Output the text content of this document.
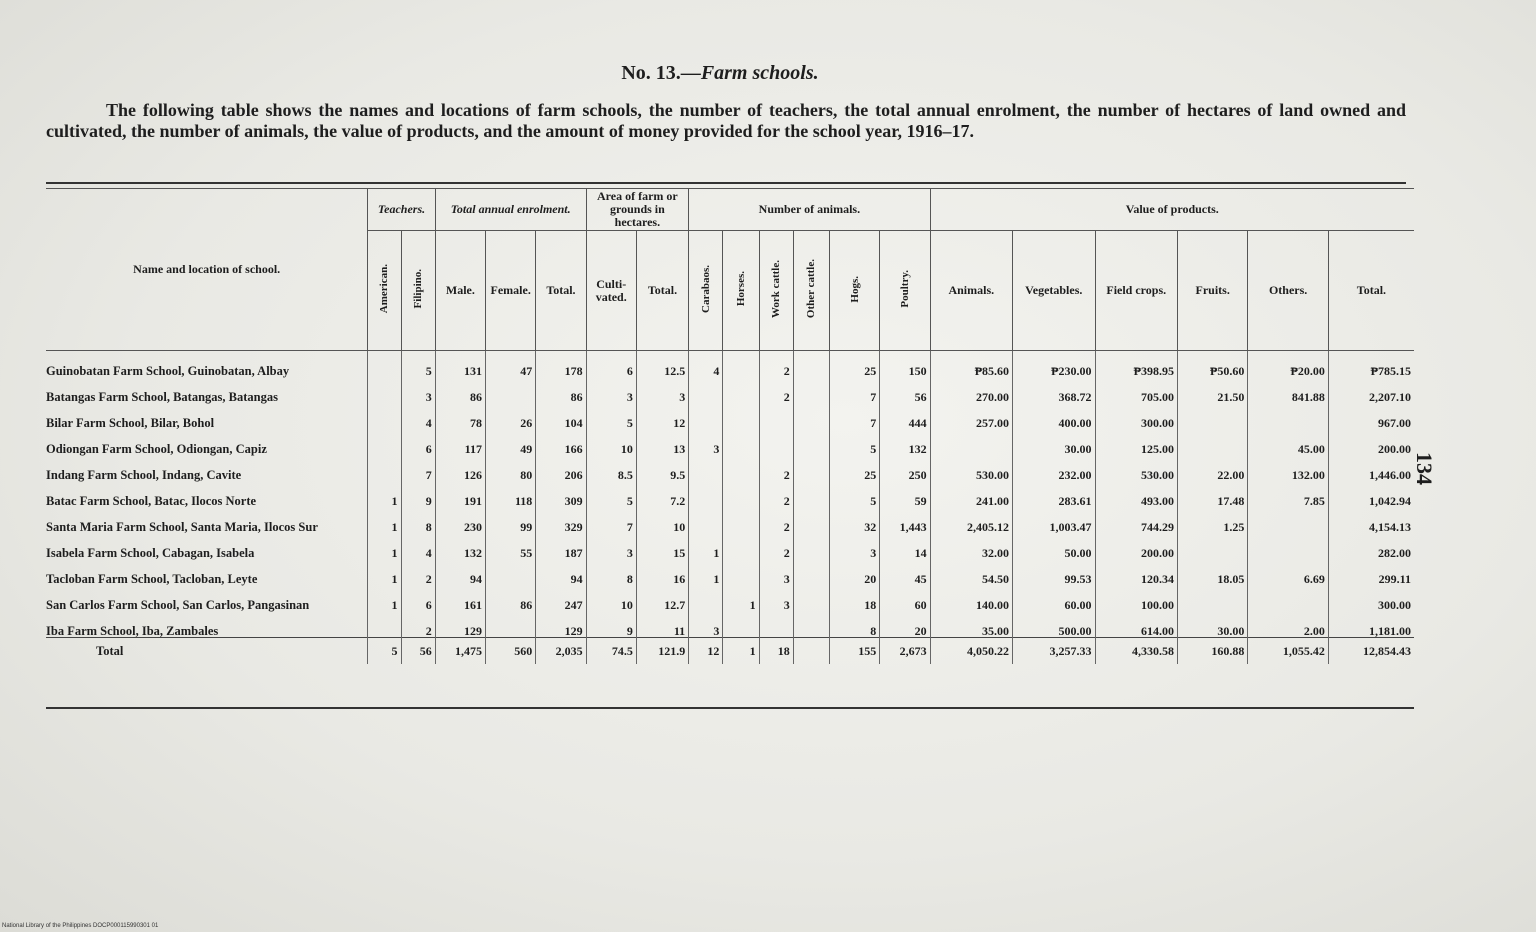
No. 13.—Farm schools.
The following table shows the names and locations of farm schools, the number of teachers, the total annual enrolment, the number of hectares of land owned and cultivated, the number of animals, the value of products, and the amount of money provided for the school year, 1916–17.
Name and location of school.	Teachers.		Total annual enrolment.			Area of farm or grounds in hectares.		Number of animals.						Value of products.					
	American.	Filipino.	Male.	Female.	Total.	Cultivated.	Total.	Carabaos.	Horses.	Work cattle.	Other cattle.	Hogs.	Poultry.	Animals.	Vegetables.	Field crops.	Fruits.	Others.	Total.
Guinobatan Farm School, Guinobatan, Albay		5	131	47	178	6	12.5	4		2		25	150	₱85.60	₱230.00	₱398.95	₱50.60	₱20.00	₱785.15
Batangas Farm School, Batangas, Batangas		3	86		86	3	3			2		7	56	270.00	368.72	705.00	21.50	841.88	2,207.10
Bilar Farm School, Bilar, Bohol		4	78	26	104	5	12					7	444	257.00	400.00	300.00			967.00
Odiongan Farm School, Odiongan, Capiz		6	117	49	166	10	13	3				5	132		30.00	125.00		45.00	200.00
Indang Farm School, Indang, Cavite		7	126	80	206	8.5	9.5			2		25	250	530.00	232.00	530.00	22.00	132.00	1,446.00
Batac Farm School, Batac, Ilocos Norte	1	9	191	118	309	5	7.2			2		5	59	241.00	283.61	493.00	17.48	7.85	1,042.94
Santa Maria Farm School, Santa Maria, Ilocos Sur	1	8	230	99	329	7	10			2		32	1,443	2,405.12	1,003.47	744.29	1.25		4,154.13
Isabela Farm School, Cabagan, Isabela	1	4	132	55	187	3	15	1		2		3	14	32.00	50.00	200.00			282.00
Tacloban Farm School, Tacloban, Leyte	1	2	94		94	8	16	1		3		20	45	54.50	99.53	120.34	18.05	6.69	299.11
San Carlos Farm School, San Carlos, Pangasinan	1	6	161	86	247	10	12.7		1	3		18	60	140.00	60.00	100.00			300.00
Iba Farm School, Iba, Zambales		2	129		129	9	11	3				8	20	35.00	500.00	614.00	30.00	2.00	1,181.00
Total	5	56	1,475	560	2,035	74.5	121.9	12	1	18		155	2,673	4,050.22	3,257.33	4,330.58	160.88	1,055.42	12,854.43
134
National Library of the Philippines DOCP000115990301 01
